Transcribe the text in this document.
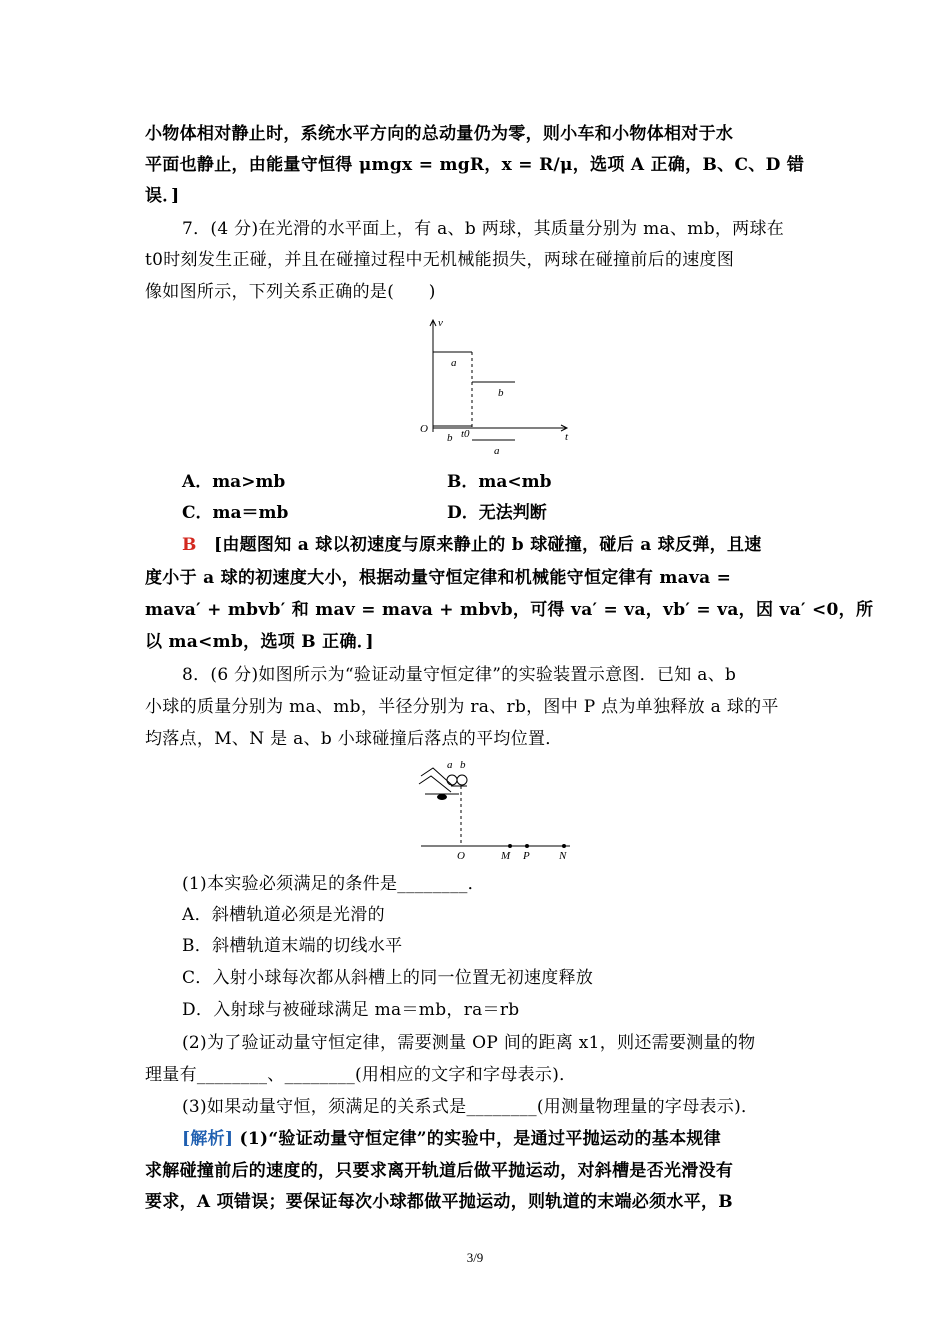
小物体相对静止时，系统水平方向的总动量仍为零，则小车和小物体相对于水
平面也静止，由能量守恒得 μmgx = mgR，x = R/μ，选项 A 正确，B、C、D 错
误．]
7．(4 分)在光滑的水平面上，有 a、b 两球，其质量分别为 ma、mb，两球在
t0时刻发生正碰，并且在碰撞过程中无机械能损失，两球在碰撞前后的速度图
像如图所示，下列关系正确的是(　　)
v
t
O	t0
a
b
b
a
A．ma>mb	B．ma<mb
C．ma＝mb	D．无法判断
B　 [由题图知 a 球以初速度与原来静止的 b 球碰撞，碰后 a 球反弹，且速
度小于 a 球的初速度大小，根据动量守恒定律和机械能守恒定律有 mava =
mava′ + mbvb′ 和 mav = mava + mbvb，可得 va′ = va，vb′ = va，因 va′ <0，所
以 ma<mb，选项 B 正确．]
8．(6 分)如图所示为“验证动量守恒定律”的实验装置示意图．已知 a、b
小球的质量分别为 ma、mb，半径分别为 ra、rb，图中 P 点为单独释放 a 球的平
均落点，M、N 是 a、b 小球碰撞后落点的平均位置．
a b
O	M P	N
(1)本实验必须满足的条件是________．
A．斜槽轨道必须是光滑的
B．斜槽轨道末端的切线水平
C．入射小球每次都从斜槽上的同一位置无初速度释放
D．入射球与被碰球满足 ma＝mb，ra＝rb
(2)为了验证动量守恒定律，需要测量 OP 间的距离 x1，则还需要测量的物
理量有________、________(用相应的文字和字母表示)．
(3)如果动量守恒，须满足的关系式是________(用测量物理量的字母表示)．
[解析] (1)“验证动量守恒定律”的实验中，是通过平抛运动的基本规律
求解碰撞前后的速度的，只要求离开轨道后做平抛运动，对斜槽是否光滑没有
要求，A 项错误；要保证每次小球都做平抛运动，则轨道的末端必须水平，B
3/9
